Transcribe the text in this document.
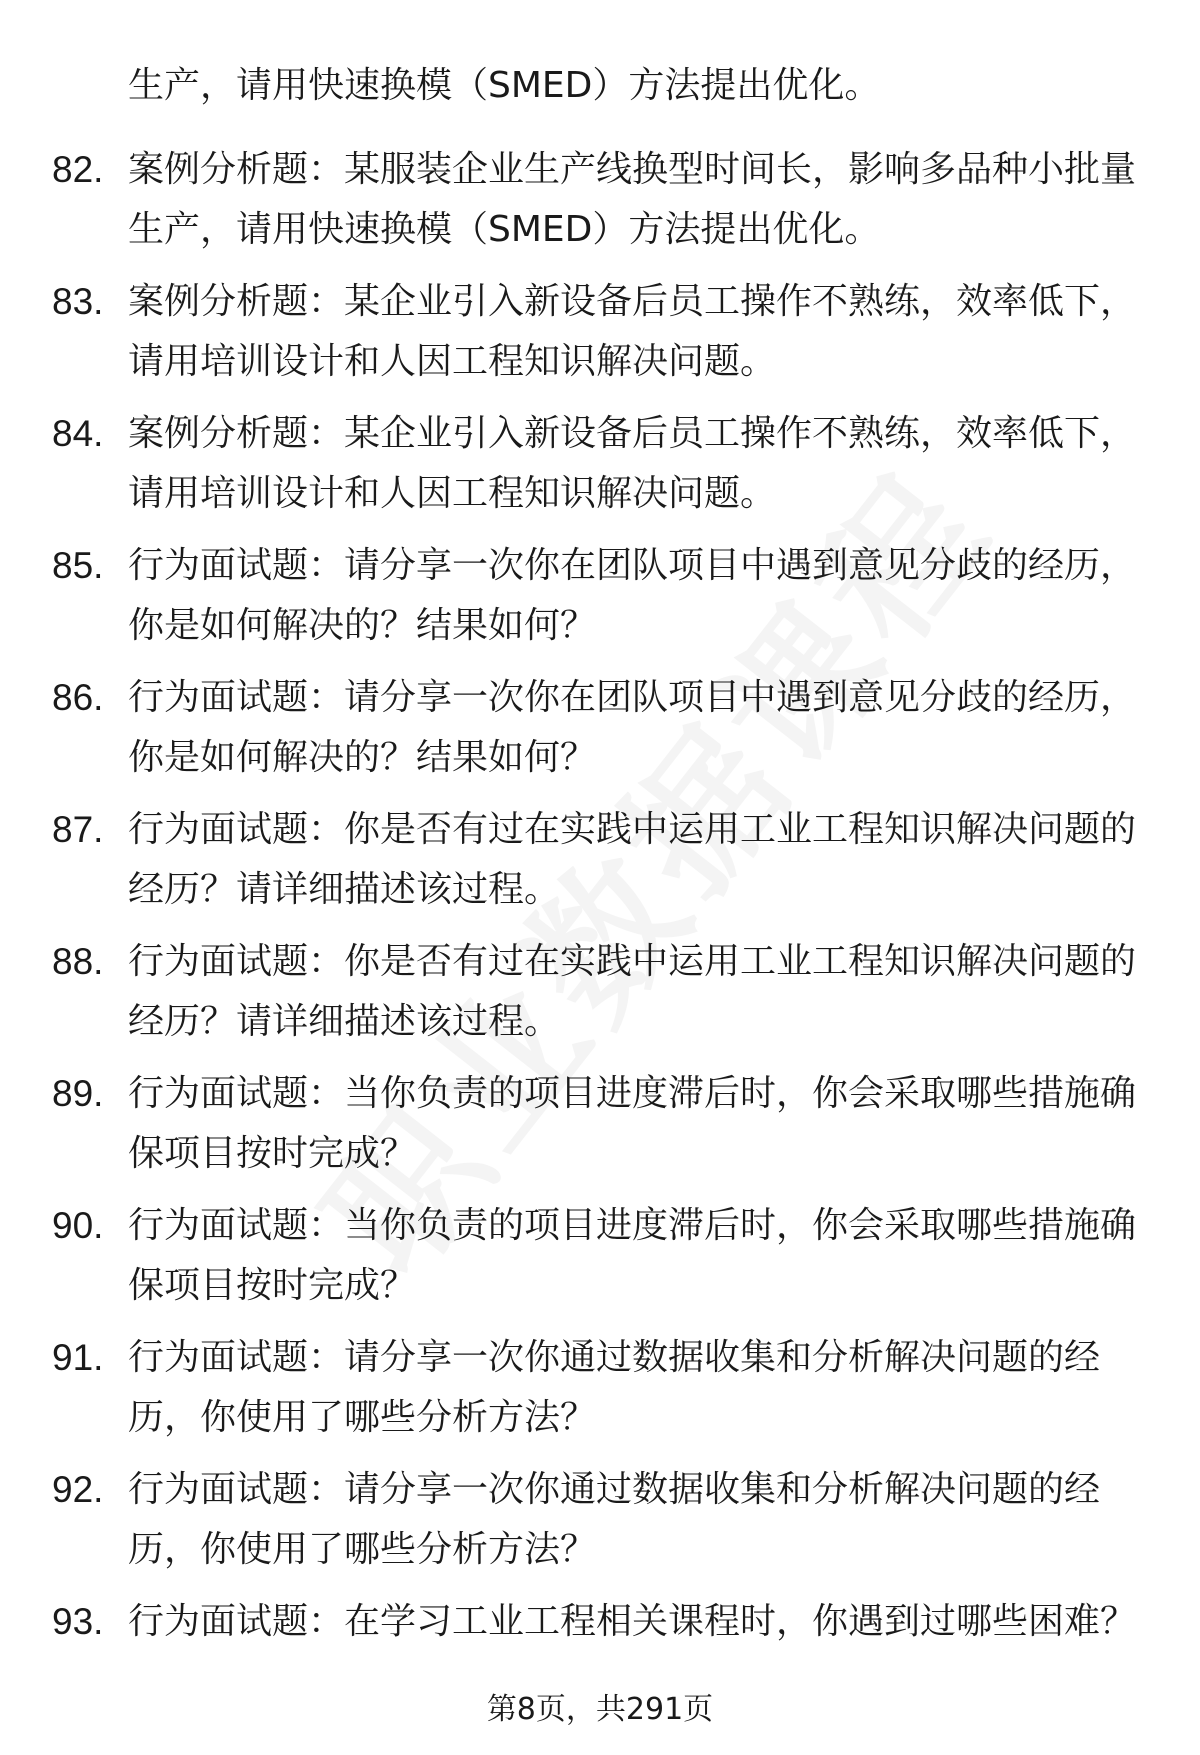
生产，请用快速换模（SMED）方法提出优化。
82. 案例分析题：某服装企业生产线换型时间长，影响多品种小批量生产，请用快速换模（SMED）方法提出优化。
83. 案例分析题：某企业引入新设备后员工操作不熟练，效率低下，请用培训设计和人因工程知识解决问题。
84. 案例分析题：某企业引入新设备后员工操作不熟练，效率低下，请用培训设计和人因工程知识解决问题。
85. 行为面试题：请分享一次你在团队项目中遇到意见分歧的经历，你是如何解决的？结果如何？
86. 行为面试题：请分享一次你在团队项目中遇到意见分歧的经历，你是如何解决的？结果如何？
87. 行为面试题：你是否有过在实践中运用工业工程知识解决问题的经历？请详细描述该过程。
88. 行为面试题：你是否有过在实践中运用工业工程知识解决问题的经历？请详细描述该过程。
89. 行为面试题：当你负责的项目进度滞后时，你会采取哪些措施确保项目按时完成？
90. 行为面试题：当你负责的项目进度滞后时，你会采取哪些措施确保项目按时完成？
91. 行为面试题：请分享一次你通过数据收集和分析解决问题的经历，你使用了哪些分析方法？
92. 行为面试题：请分享一次你通过数据收集和分析解决问题的经历，你使用了哪些分析方法？
93. 行为面试题：在学习工业工程相关课程时，你遇到过哪些困难？
第8页，共291页
